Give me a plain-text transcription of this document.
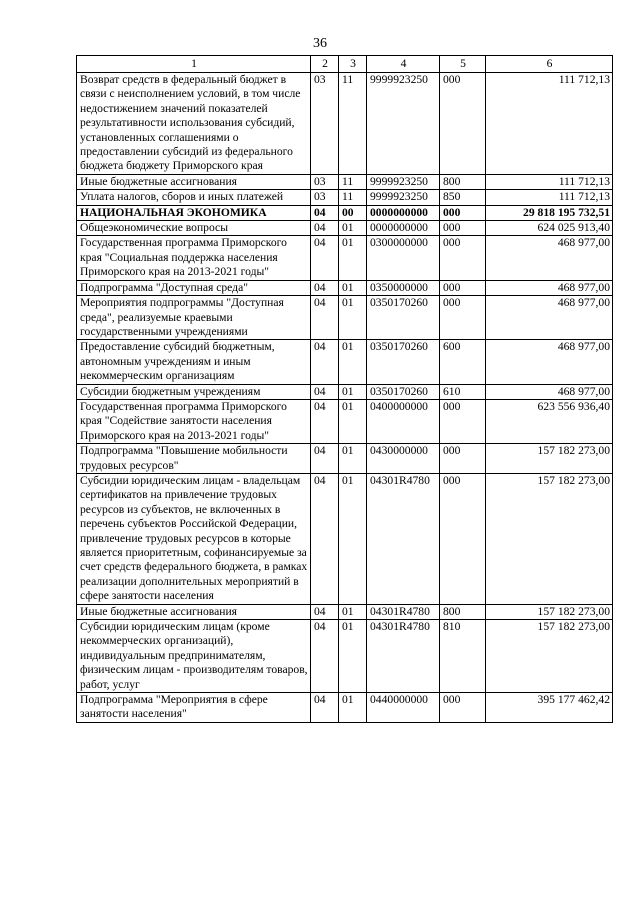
36
1	2	3	4	5	6
Возврат средств в федеральный бюджет в связи с неисполнением условий, в том числе недостижением значений показателей результативности использования субсидий, установленных соглашениями о предоставлении субсидий из федерального бюджета бюджету Приморского края	03	11	9999923250	000	111 712,13
Иные бюджетные ассигнования	03	11	9999923250	800	111 712,13
Уплата налогов, сборов и иных платежей	03	11	9999923250	850	111 712,13
НАЦИОНАЛЬНАЯ ЭКОНОМИКА	04	00	0000000000	000	29 818 195 732,51
Общеэкономические вопросы	04	01	0000000000	000	624 025 913,40
Государственная программа Приморского края "Социальная поддержка населения Приморского края на 2013-2021 годы"	04	01	0300000000	000	468 977,00
Подпрограмма "Доступная среда"	04	01	0350000000	000	468 977,00
Мероприятия подпрограммы "Доступная среда", реализуемые краевыми государственными учреждениями	04	01	0350170260	000	468 977,00
Предоставление субсидий бюджетным, автономным учреждениям и иным некоммерческим организациям	04	01	0350170260	600	468 977,00
Субсидии бюджетным учреждениям	04	01	0350170260	610	468 977,00
Государственная программа Приморского края "Содействие занятости населения Приморского края на 2013-2021 годы"	04	01	0400000000	000	623 556 936,40
Подпрограмма "Повышение мобильности трудовых ресурсов"	04	01	0430000000	000	157 182 273,00
Субсидии юридическим лицам - владельцам сертификатов на привлечение трудовых ресурсов из субъектов, не включенных в перечень субъектов Российской Федерации, привлечение трудовых ресурсов в которые является приоритетным, софинансируемые за счет средств федерального бюджета, в рамках реализации дополнительных мероприятий в сфере занятости населения	04	01	04301R4780	000	157 182 273,00
Иные бюджетные ассигнования	04	01	04301R4780	800	157 182 273,00
Субсидии юридическим лицам (кроме некоммерческих организаций), индивидуальным предпринимателям, физическим лицам - производителям товаров, работ, услуг	04	01	04301R4780	810	157 182 273,00
Подпрограмма "Мероприятия в сфере занятости населения"	04	01	0440000000	000	395 177 462,42
